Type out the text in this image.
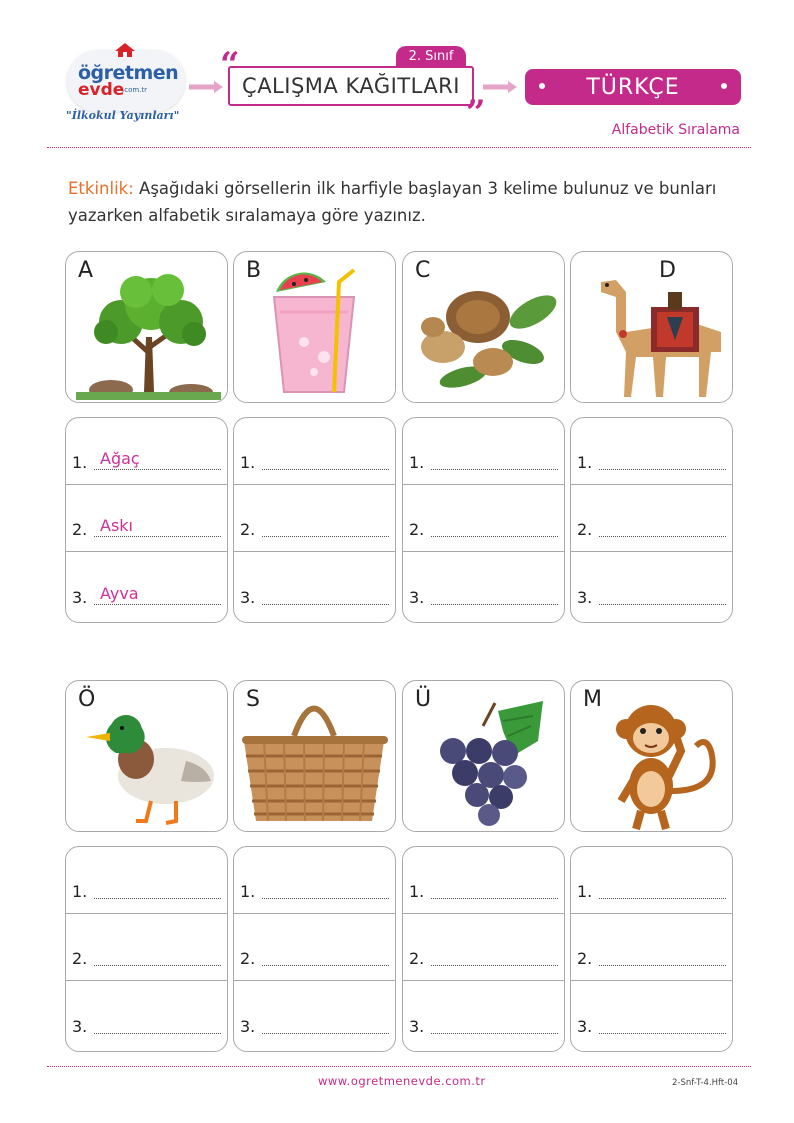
öğretmen
evde
.com.tr
"İlkokul Yayınları"
2. Sınıf
“
ÇALIŞMA KAĞITLARI
”
TÜRKÇE
Alfabetik Sıralama
Etkinlik: Aşağıdaki görsellerin ilk harfiyle başlayan 3 kelime bulunuz ve bunları yazarken alfabetik sıralamaya göre yazınız.
A	B	C	D
1. Ağaç
2. Askı
3. Ayva
1.
2.
3.
1.
2.
3.
1.
2.
3.
Ö	S	Ü	M
1.
2.
3.
1.
2.
3.
1.
2.
3.
1.
2.
3.
www.ogretmenevde.com.tr	2-Snf-T-4.Hft-04
